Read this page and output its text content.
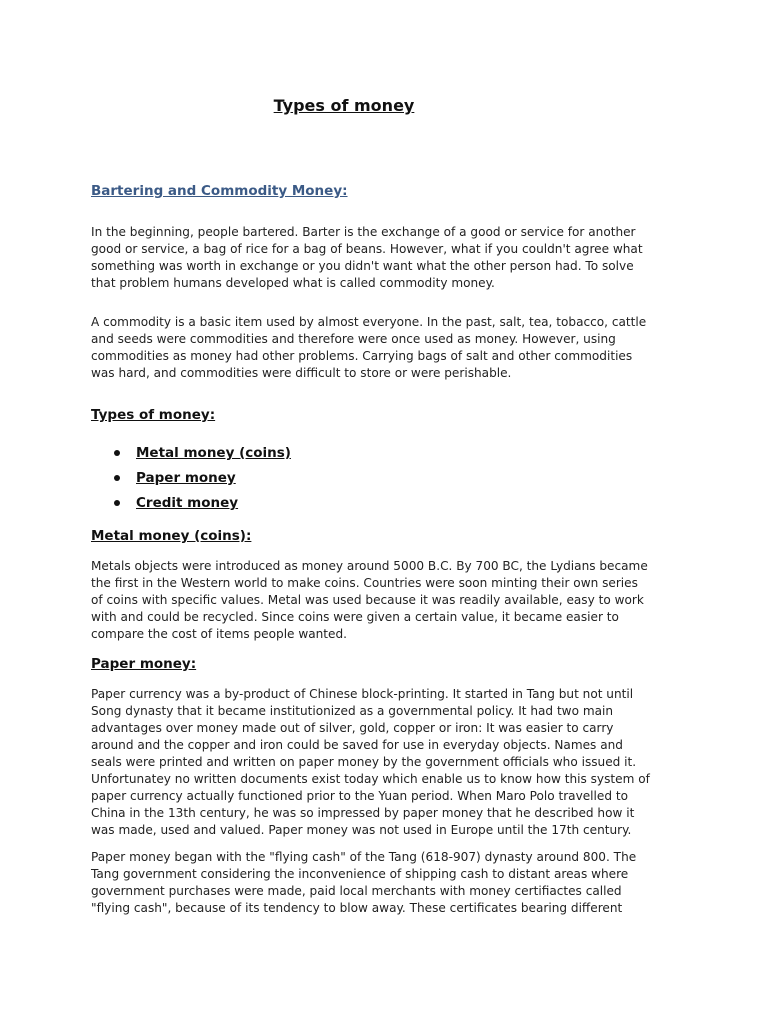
Types of money
Bartering and Commodity Money:

In the beginning, people bartered. Barter is the exchange of a good or service for another
good or service, a bag of rice for a bag of beans. However, what if you couldn't agree what
something was worth in exchange or you didn't want what the other person had. To solve
that problem humans developed what is called commodity money.

A commodity is a basic item used by almost everyone. In the past, salt, tea, tobacco, cattle
and seeds were commodities and therefore were once used as money. However, using
commodities as money had other problems. Carrying bags of salt and other commodities
was hard, and commodities were difficult to store or were perishable.

Types of money:
Metal money (coins)
Paper money
Credit money
Metal money (coins):

Metals objects were introduced as money around 5000 B.C. By 700 BC, the Lydians became
the first in the Western world to make coins. Countries were soon minting their own series
of coins with specific values. Metal was used because it was readily available, easy to work
with and could be recycled. Since coins were given a certain value, it became easier to
compare the cost of items people wanted.

Paper money:

Paper currency was a by-product of Chinese block-printing. It started in Tang but not until
Song dynasty that it became institutionized as a governmental policy. It had two main
advantages over money made out of silver, gold, copper or iron: It was easier to carry
around and the copper and iron could be saved for use in everyday objects. Names and
seals were printed and written on paper money by the government officials who issued it.
Unfortunatey no written documents exist today which enable us to know how this system of
paper currency actually functioned prior to the Yuan period. When Maro Polo travelled to
China in the 13th century, he was so impressed by paper money that he described how it
was made, used and valued. Paper money was not used in Europe until the 17th century.

Paper money began with the "flying cash" of the Tang (618-907) dynasty around 800. The
Tang government considering the inconvenience of shipping cash to distant areas where
government purchases were made, paid local merchants with money certifiactes called
"flying cash", because of its tendency to blow away. These certificates bearing different
